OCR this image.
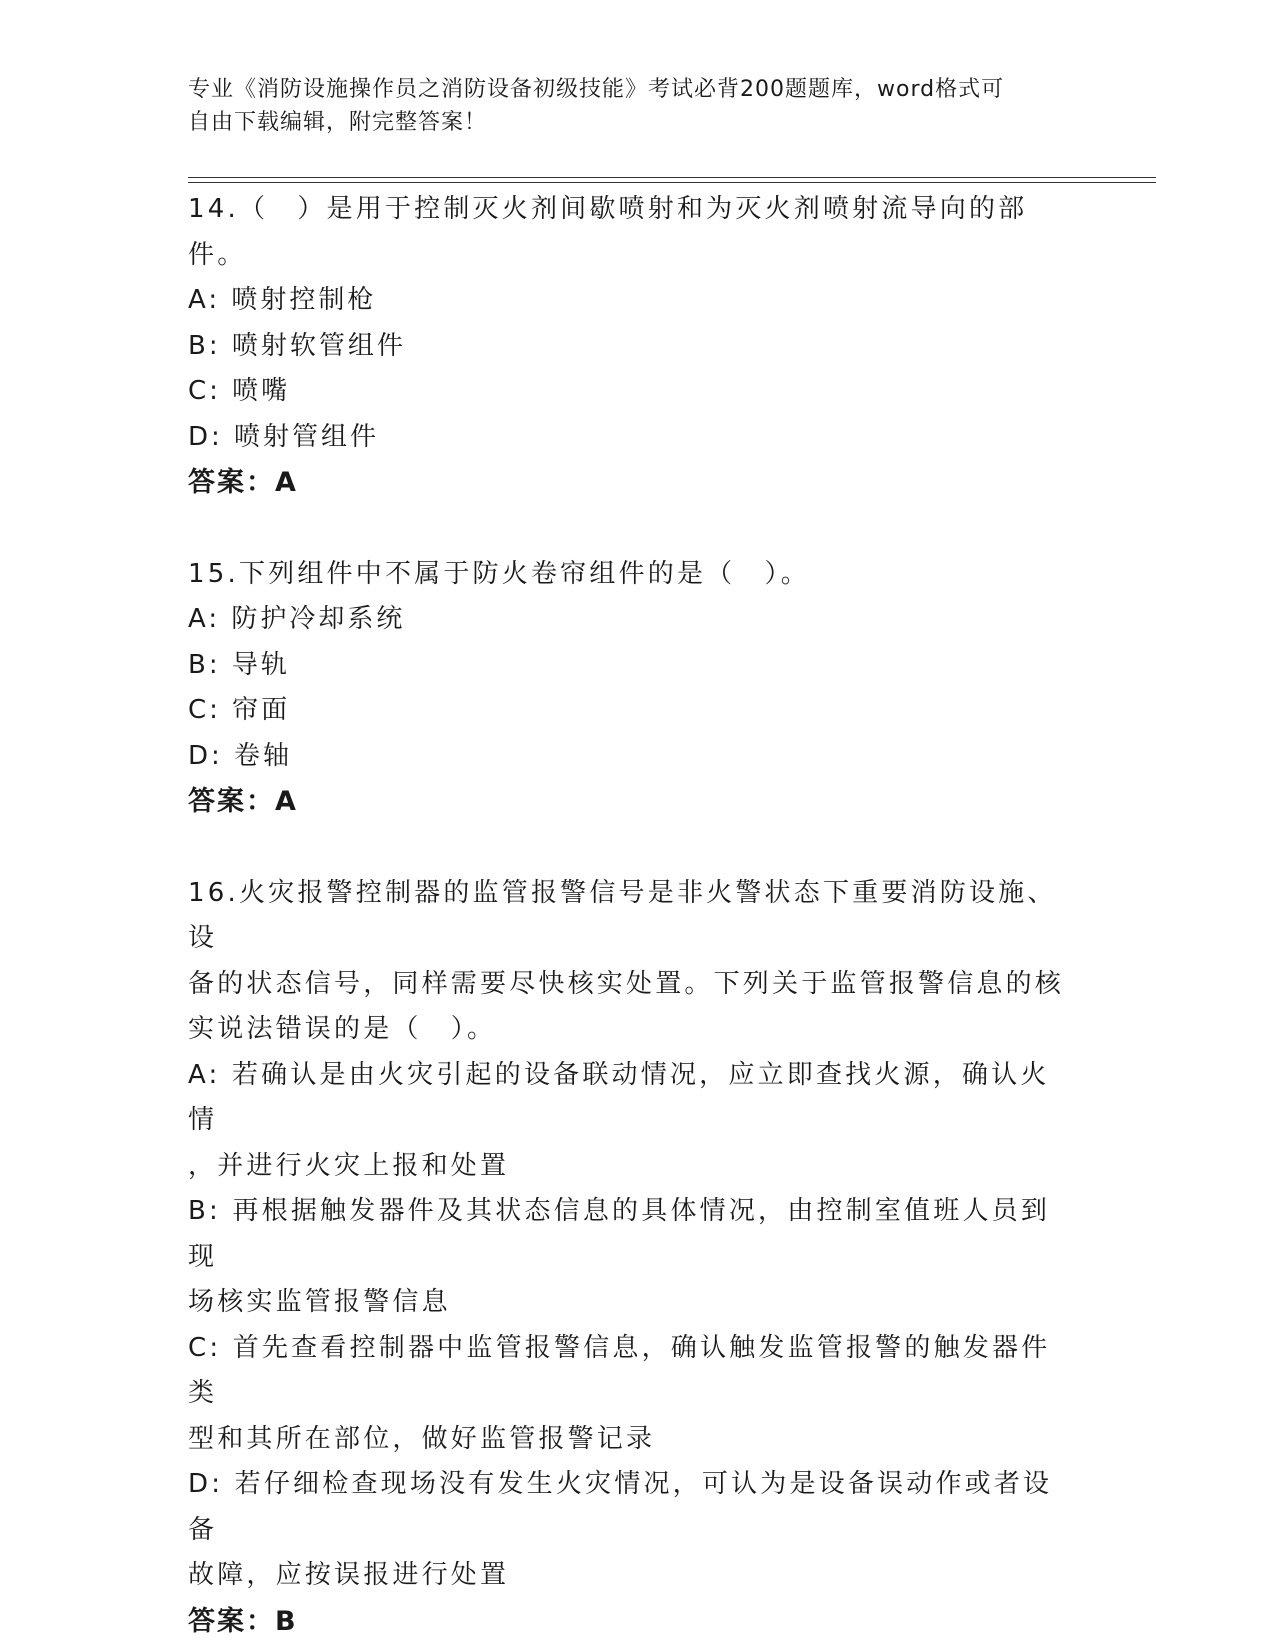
专业《消防设施操作员之消防设备初级技能》考试必背200题题库，word格式可
自由下载编辑，附完整答案！
14.（　）是用于控制灭火剂间歇喷射和为灭火剂喷射流导向的部件。
A: 喷射控制枪
B: 喷射软管组件
C: 喷嘴
D: 喷射管组件
答案：A
15.下列组件中不属于防火卷帘组件的是（　）。
A: 防护冷却系统
B: 导轨
C: 帘面
D: 卷轴
答案：A
16.火灾报警控制器的监管报警信号是非火警状态下重要消防设施、设
备的状态信号，同样需要尽快核实处置。下列关于监管报警信息的核
实说法错误的是（　）。
A: 若确认是由火灾引起的设备联动情况，应立即查找火源，确认火情
，并进行火灾上报和处置
B: 再根据触发器件及其状态信息的具体情况，由控制室值班人员到现
场核实监管报警信息
C: 首先查看控制器中监管报警信息，确认触发监管报警的触发器件类
型和其所在部位，做好监管报警记录
D: 若仔细检查现场没有发生火灾情况，可认为是设备误动作或者设备
故障，应按误报进行处置
答案：B
